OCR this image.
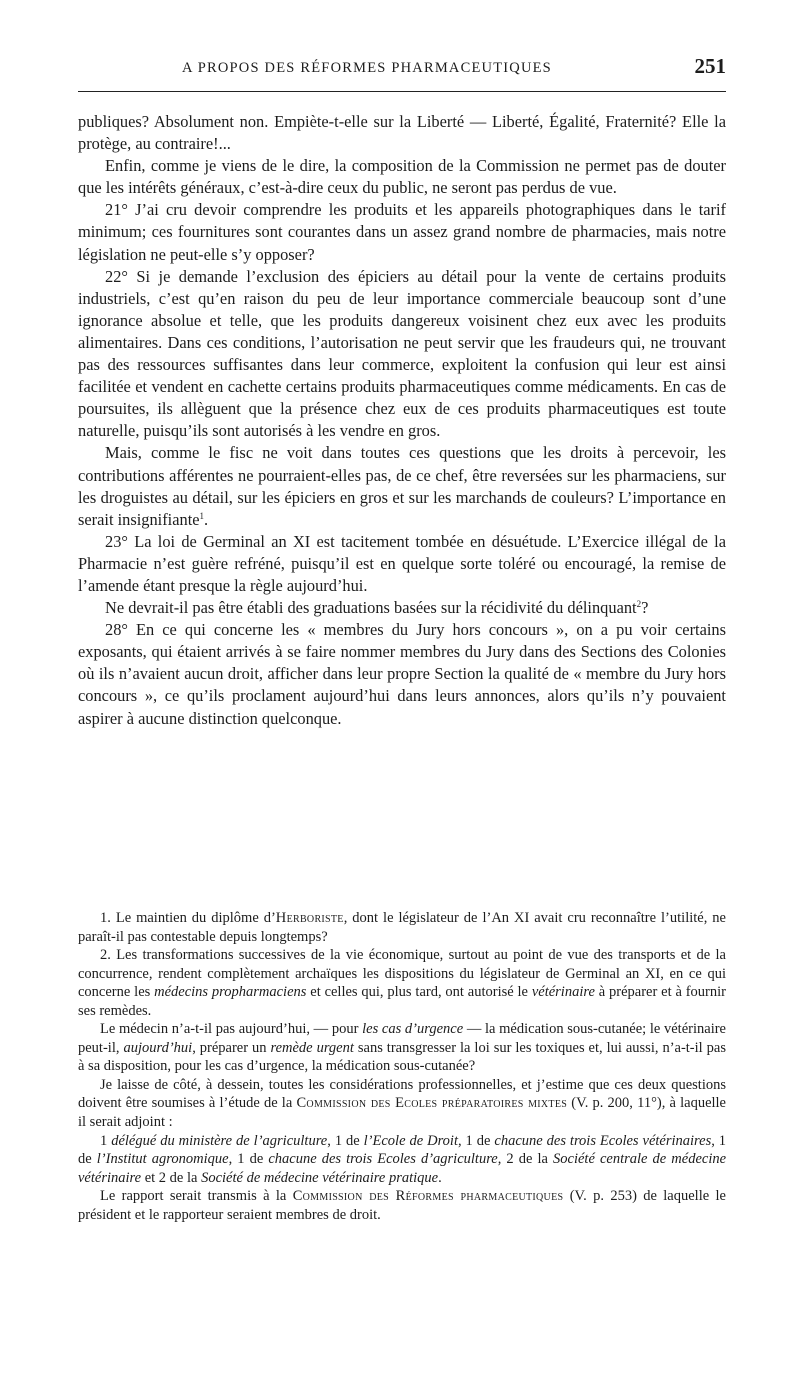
A PROPOS DES RÉFORMES PHARMACEUTIQUES	251

publiques? Absolument non. Empiète-t-elle sur la Liberté — Liberté, Égalité, Fraternité? Elle la protège, au contraire!...

Enfin, comme je viens de le dire, la composition de la Commission ne permet pas de douter que les intérêts généraux, c’est-à-dire ceux du public, ne seront pas perdus de vue.

21° J’ai cru devoir comprendre les produits et les appareils photographiques dans le tarif minimum; ces fournitures sont courantes dans un assez grand nombre de pharmacies, mais notre législation ne peut-elle s’y opposer?

22° Si je demande l’exclusion des épiciers au détail pour la vente de certains produits industriels, c’est qu’en raison du peu de leur importance commerciale beaucoup sont d’une ignorance absolue et telle, que les produits dangereux voisinent chez eux avec les produits alimentaires. Dans ces conditions, l’autorisation ne peut servir que les fraudeurs qui, ne trouvant pas des ressources suffisantes dans leur commerce, exploitent la confusion qui leur est ainsi facilitée et vendent en cachette certains produits pharmaceutiques comme médicaments. En cas de poursuites, ils allèguent que la présence chez eux de ces produits pharmaceutiques est toute naturelle, puisqu’ils sont autorisés à les vendre en gros.

Mais, comme le fisc ne voit dans toutes ces questions que les droits à percevoir, les contributions afférentes ne pourraient-elles pas, de ce chef, être reversées sur les pharmaciens, sur les droguistes au détail, sur les épiciers en gros et sur les marchands de couleurs? L’importance en serait insignifiante$^1$.

23° La loi de Germinal an XI est tacitement tombée en désuétude. L’Exercice illégal de la Pharmacie n’est guère refréné, puisqu’il est en quelque sorte toléré ou encouragé, la remise de l’amende étant presque la règle aujourd’hui.

Ne devrait-il pas être établi des graduations basées sur la récidivité du délinquant$^2$?

28° En ce qui concerne les « membres du Jury hors concours », on a pu voir certains exposants, qui étaient arrivés à se faire nommer membres du Jury dans des Sections des Colonies où ils n’avaient aucun droit, afficher dans leur propre Section la qualité de « membre du Jury hors concours », ce qu’ils proclament aujourd’hui dans leurs annonces, alors qu’ils n’y pouvaient aspirer à aucune distinction quelconque.

1. Le maintien du diplôme d’Herboriste, dont le législateur de l’An XI avait cru reconnaître l’utilité, ne paraît-il pas contestable depuis longtemps?

2. Les transformations successives de la vie économique, surtout au point de vue des transports et de la concurrence, rendent complètement archaïques les dispositions du législateur de Germinal an XI, en ce qui concerne les médecins propharmaciens et celles qui, plus tard, ont autorisé le vétérinaire à préparer et à fournir ses remèdes.

Le médecin n’a-t-il pas aujourd’hui, — pour les cas d’urgence — la médication sous-cutanée; le vétérinaire peut-il, aujourd’hui, préparer un remède urgent sans transgresser la loi sur les toxiques et, lui aussi, n’a-t-il pas à sa disposition, pour les cas d’urgence, la médication sous-cutanée?

Je laisse de côté, à dessein, toutes les considérations professionnelles, et j’estime que ces deux questions doivent être soumises à l’étude de la Commission des Ecoles préparatoires mixtes (V. p. 200, 11°), à laquelle il serait adjoint :

1 délégué du ministère de l’agriculture, 1 de l’Ecole de Droit, 1 de chacune des trois Ecoles vétérinaires, 1 de l’Institut agronomique, 1 de chacune des trois Ecoles d’agriculture, 2 de la Société centrale de médecine vétérinaire et 2 de la Société de médecine vétérinaire pratique.

Le rapport serait transmis à la Commission des Réformes pharmaceutiques (V. p. 253) de laquelle le président et le rapporteur seraient membres de droit.
